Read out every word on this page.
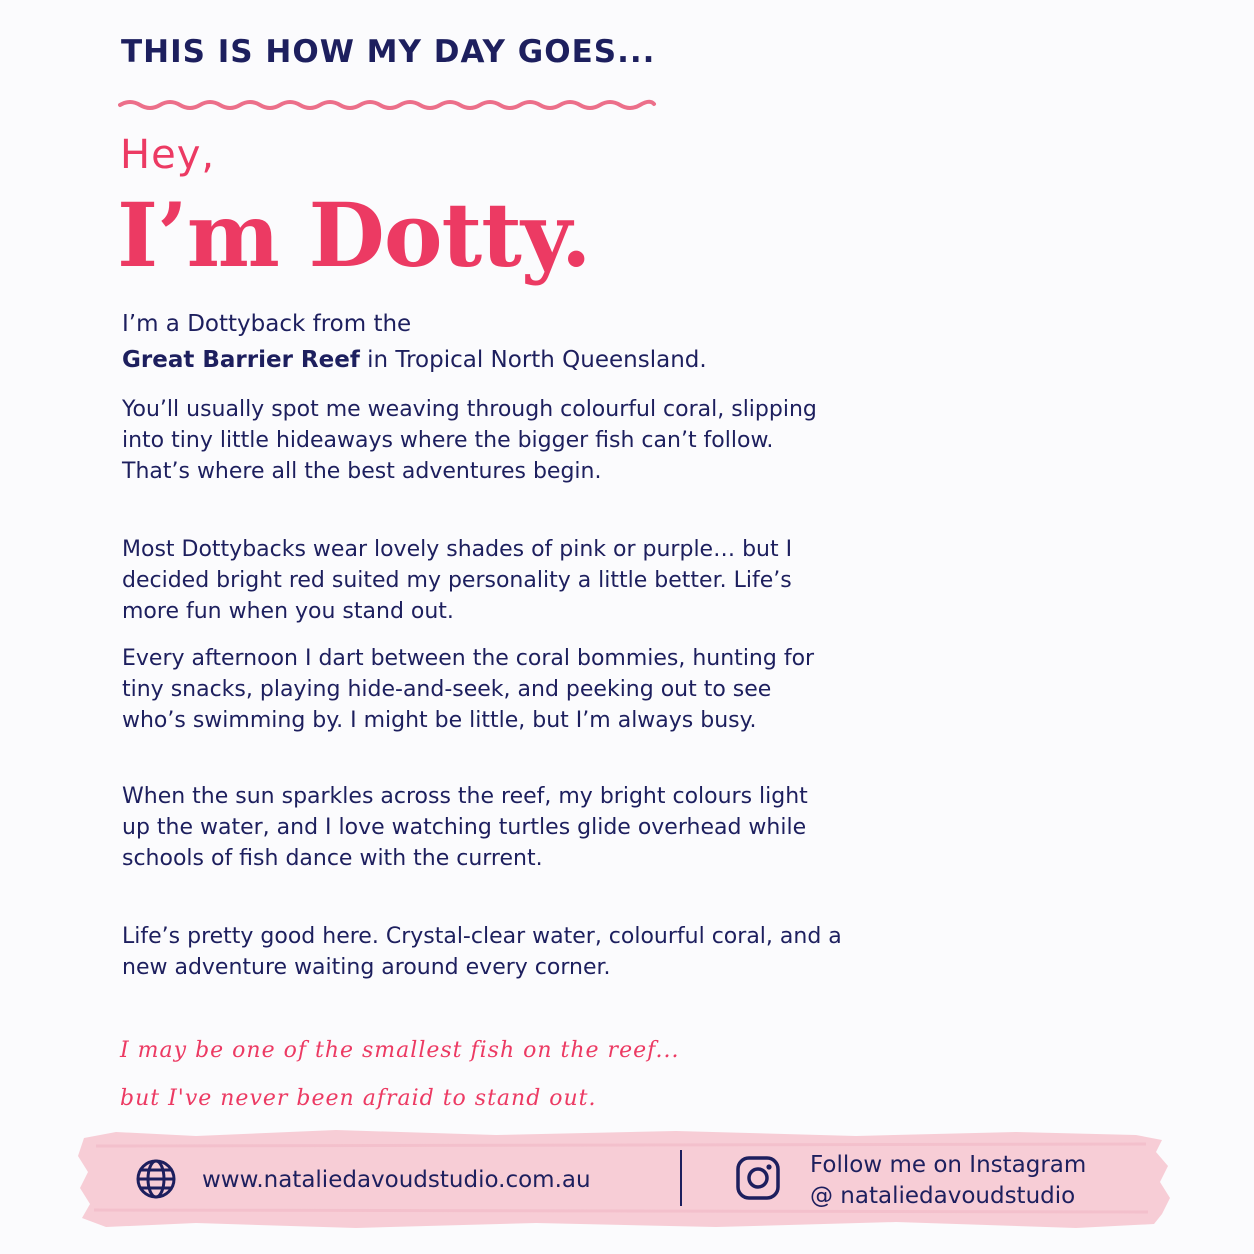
THIS IS HOW MY DAY GOES...
Hey,
I’m Dotty.

I’m a Dottyback from the
Great Barrier Reef in Tropical North Queensland.

You’ll usually spot me weaving through colourful coral, slipping into tiny little hideaways where the bigger fish can’t follow. That’s where all the best adventures begin.

Most Dottybacks wear lovely shades of pink or purple… but I decided bright red suited my personality a little better. Life’s more fun when you stand out.

Every afternoon I dart between the coral bommies, hunting for tiny snacks, playing hide-and-seek, and peeking out to see who’s swimming by. I might be little, but I’m always busy.

When the sun sparkles across the reef, my bright colours light up the water, and I love watching turtles glide overhead while schools of fish dance with the current.

Life’s pretty good here. Crystal-clear water, colourful coral, and a new adventure waiting around every corner.

I may be one of the smallest fish on the reef...

but I've never been afraid to stand out.

www.nataliedavoudstudio.com.au
Follow me on Instagram
@ nataliedavoudstudio
